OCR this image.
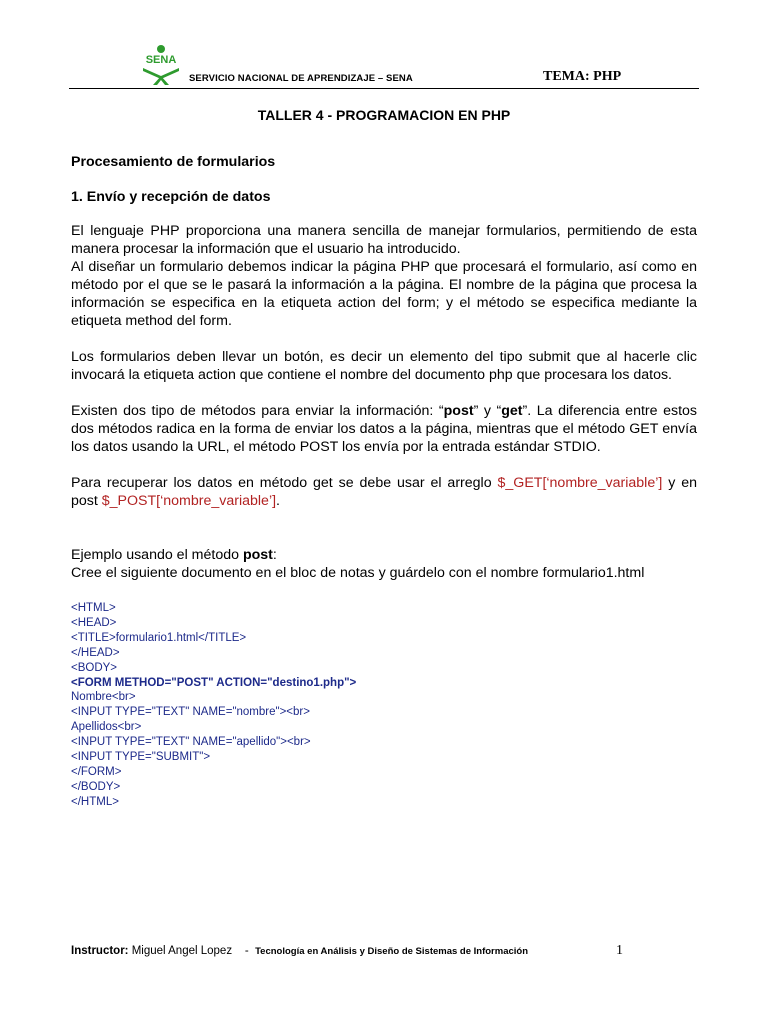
SENA
SERVICIO NACIONAL DE APRENDIZAJE – SENA	TEMA: PHP
TALLER 4 - PROGRAMACION EN PHP
Procesamiento de formularios
1. Envío y recepción de datos

El lenguaje PHP proporciona una manera sencilla de manejar formularios, permitiendo de esta manera procesar la información que el usuario ha introducido.
Al diseñar un formulario debemos indicar la página PHP que procesará el formulario, así como en método por el que se le pasará la información a la página. El nombre de la página que procesa la información se especifica en la etiqueta action del form; y el método se especifica mediante la etiqueta method del form.

Los formularios deben llevar un botón, es decir un elemento del tipo submit que al hacerle clic invocará la etiqueta action que contiene el nombre del documento php que procesara los datos.

Existen dos tipo de métodos para enviar la información: “post” y “get”. La diferencia entre estos dos métodos radica en la forma de enviar los datos a la página, mientras que el método GET envía los datos usando la URL, el método POST los envía por la entrada estándar STDIO.

Para recuperar los datos en método get se debe usar el arreglo $_GET[‘nombre_variable’] y en post $_POST[‘nombre_variable’].

Ejemplo usando el método post:
Cree el siguiente documento en el bloc de notas y guárdelo con el nombre formulario1.html

<HTML>
<HEAD>
<TITLE>formulario1.html</TITLE>
</HEAD>
<BODY>
<FORM METHOD="POST" ACTION="destino1.php">
Nombre<br>
<INPUT TYPE="TEXT" NAME="nombre"><br>
Apellidos<br>
<INPUT TYPE="TEXT" NAME="apellido"><br>
<INPUT TYPE="SUBMIT">
</FORM>
</BODY>
</HTML>
Instructor: Miguel Angel Lopez    -  Tecnología en Análisis y Diseño de Sistemas de Información	1
